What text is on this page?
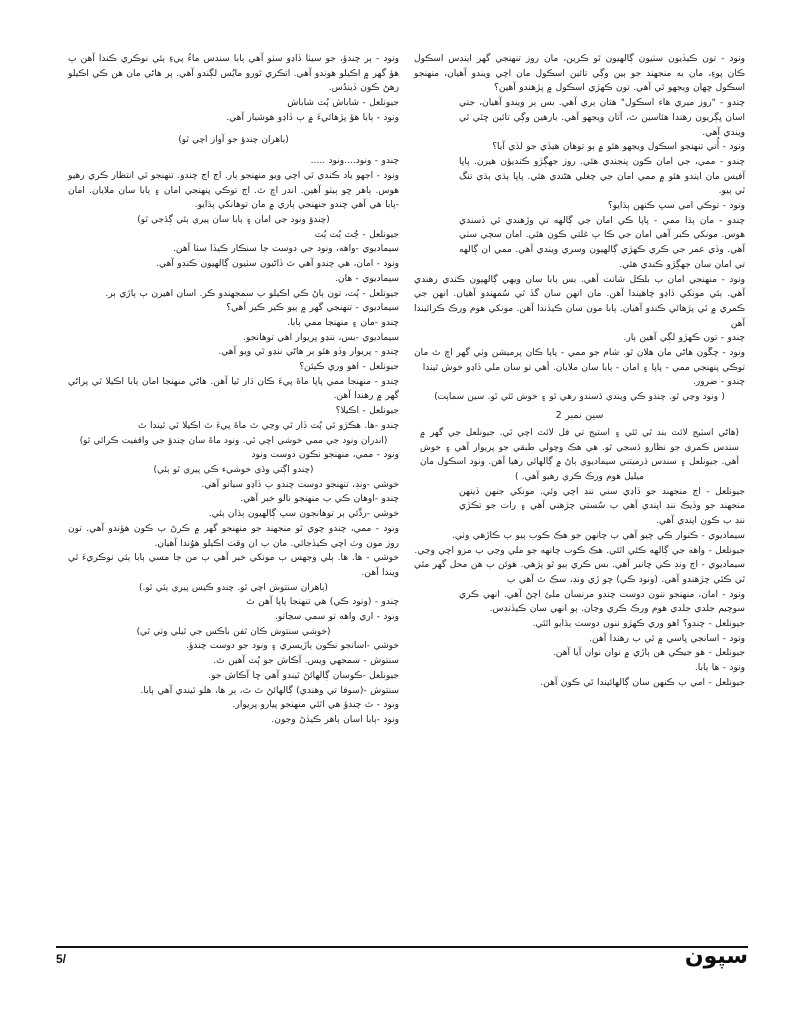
ونود - تون ڪيڏيون سٺيون ڳالهيون ٿو ڪرين، مان روز تنهنجي گهر اينڊس اسڪول ڪان پوءِ، مان به منجهند جو ٻين وڳي تائين اسڪول مان اچي ويندو آهيان، منهنجو اسڪول ڇهان ويجهو ٿي آهي. تون ڪهڙي اسڪول ۾ پڙهندو آهين؟
چندو - "روز ميري هاء اسڪول" هتان ٻري آهي. بس ٻر ويندو آهيان، جتي اسان ڀڳريون رهندا هئاسين ٿ، آتان ويجهو آهي. بارهين وڳي تائين ڇٽي ٿي ويندي آهي.
ونود - أُتي تنهنجو اسڪول ويجهو هئو ۾ ٻو توهان هيڏي جو لڏي آيا؟
چندو - ممي، جي امان ڪون پنجندي هئي. روز جهڳڙو ڪنديؤن هيرن. پاپا آفيس مان ايندو هئو ۾ ممي امان جي چغلي هڻندي هئي. پاپا ٻڌي ٻڌي تنگ ٿي ٻيو.
ونود - توڪي امي سڀ ڪنهن ٻڌايو؟
چندو - مان ٻڌا ممي - پاپا ڪي امان جي ڳالهه تي وڙهندي ٿي ڏسندي هوس. مونکي ڪبر آهي امان جي ڪا ٻ غلتي ڪون هئي. امان سڄي سٺي آهي. وڏي عمر جي ڪري ڪهڙي ڳالهيون وسري ويندي آهي. ممي ان ڳالهه تي امان سان جهڳڙو ڪندي هئي.
ونود - منهنجي امان ٻ بلڪل شانت آهي. بس ٻابا سان ويهي ڳالهيون ڪندي رهندي آهي. ٻئي مونکي ڏاڍو چاهيندا آهن. مان انهن سان گڏ ٿي سُمهندو آهيان. انهن جي ڪمري ۾ ٿي پڙهائي ڪندو آهيان. ٻابا مون سان ڪيڏندا آهن. مونکي هوم ورڪ ڪرائيندا آهن
چندو - تون ڪهڙو لڳي آهين ٻار.
ونود - چڱون هاڻي مان هلان ٿو. شام جو ممي - پاپا ڪان پرميشن وٺي گهر اچ ٿ مان توڪي پنهنجي ممي - پاپا ۽ امان - ٻابا سان ملايان. أهي تو سان ملي ڏاڍو خوش ٿيندا
چندو - ضرور.
( ونود وڃي ٿو. چندو ڪي ويندي ڏسندو رهي ٿو ۽ خوش ٿئي ٿو. سين سماپت)
سين نمبر 2
(هاڻي اسٽيج لائٽ بند ٿي ٿئي ۽ استيج تي فل لائٽ اچي ٿي. جيونلعل جي گهر ۾ سندس ڪمري جو نظارو ڏسجي ٿو. هي هڪ وچولي طبقي جو پريوار آهي ۽ خوش آهي. جيونلعل ۽ سندس ڌرميتني سيماديوي ٻاڻ ۾ ڳالهائي رهيا آهن. ونود اسڪول مان ميليل هوم ورڪ ڪري رهيو آهي. )
جيونلعل - اڄ منجهند جو ڏاڍي سني ننڊ اچي وئي. مونکي جنهن ڏينهن منجهند جو وڏيڪ ننڊ اپندي آهي ٻ سُستي چڙهني آهي ۽ رات جو تڪڙي ننڊ ٻ ڪون اپندي آهي.
سيماديوي - ڪنوار ڪي چيو آهي ٻ چانهن جو هڪ ڪوب ٻيو ٻ ڪاڙهي وٺي.
جيونلعل - واهه جي ڳالهه ڪئي اٿئي. هڪ ڪوب چانهه جو ملي وڃي ٻ مزو اچي وڃي.
سيمادیوي - اڄ ونڊ ڪي چانير آهي. بس ڪري ٻيو ٿو پڙهي. هوئن ٻ هن محل گهر مٿي ٿي ڪٿي چڙهندو آهي. (ونود ڪي) چو ڙي ونڊ، سڪ ٿ آهي ٻ
ونود - امان، منهنجو ننون دوست چندو مرنسان ملئ اچڻ آهي. انهي ڪري سوچيم جلدي جلدي هوم ورڪ ڪري وڃان. ٻو انهي سان ڪيڏنڊس.
جيونلعل - چندو؟ اهو وري ڪهڙو ننون دوست ٻڌايو اٿئي.
ونود - اسانجي ڀاسي ۾ ٿي ٻ رهندا آهن.
جيونلعل - هو جيڪي هن ٻاڙي ۾ نوان نوان آيا آهن.
ونود - ها ٻابا.
جيونلعل - امي ٻ ڪنهن سان ڳالهائيندا ٿي ڪون آهن.
ونود - ٻر چندؤ، جو سيٺا ڏاڍو سٺو آهي ٻابا سندس ماءُ پيءِ ٻئي نوڪري ڪندا آهن ٻ هؤ گهر ۾ اڪيلو هوندو آهي. اتڪري ٿورو مايُس لڳندو آهي. ٻر هاڻي مان هن ڪي اڪيلو رهڻ ڪون ڏيندُس.
جيونلعل - شاباش ٻُٽ شاباش
ونود - ٻابا هؤ پڙهائيءَ ۾ ٻ ڏاڍو هوشيار آهي.
(ٻاهران چندؤ جو آواز اچي ٿو)
چندو - ونود....ونود .....
ونود - اجهو ياد ڪندي ٿي اچي ويو منهنجو ٻار. اڄ اڄ چندو. تنهنجو ٿي انتظار ڪري رهيو هوس. ٻاهر ڇو ٻيٺو آهين. اندر اچ ٿ. اڄ توڪي پنهنجي امان ۽ ٻابا سان ملايان. امان -ٻابا هي آهي چندو جنهنجي ٻاري ۾ مان توهانکي ٻڌايو.
(چندؤ ونود جي امان ۽ ٻابا سان پيري ٻئي ڳڏجي ٿو)
جيونلعل - ڄُٽ ٻُٽ ٻُٽ
سيمادیوي -واهه، ونود جي دوست جا سنڪار ڪيڏا سٺا آهن.
ونود - امان، هي چندو آهي ٿ ڏاڻيون سٺيون ڳالهيون ڪنڊو آهي.
سيمادیوي - هان.
جيونلعل - ٻُٽ، تون ٻاڻ ڪي اڪيلو ٻ سمجهندو ڪر. اسان اهيرن ٻ ٻاڙي ٻر.
سيمادیوي - تنهنجي گهر ۾ ٻيو ڪير ڪير آهي؟
چندو -مان ۽ منهنجا ممي ٻابا.
سيمادیوي -بس، ننڍو پريوار اهي توهانجو.
چندو - پريوار وڏو هئو ٻر هاڻي ننڍو ٿي ويو آهي.
جيونلعل - اهو وري ڪيئن؟
چندو - منهنجا ممي پاپا ماةَ پيءَ ڪان ڌار ٿيا آهن. هاڻي منهنجا امان ٻابا اڪيلا ٿي پراڻي گهر ۾ رهندا آهن.
جيونلعل - اڪيلا؟
چندو -ها. هڪڙو ٿي ٻُٽ ڏار ٿي وڃي ٿ ماةَ پيءَ ٿ اڪيلا ٿي ٿيندا ٿ
(اندران ونود جي ممي خوشي اچي ٿي. ونود ماةَ سان چندؤ جي واقفيت ڪرائي ٿو)
ونود - ممي، منهنجو نڪون دوست ونود
(چندو اڳتي وڏي خوشيء ڪي پيري ٿو ٻئي)
خوشي -ونڊ، تنهنجو دوست چندو ٻ ڏاڍو سيانو آهي.
چندو -اوهان ڪي ٻ منهنجو نالو خبر آهي.
خوشي -ردِّئي ٻر توهانجون سڀ ڳالهيون ٻڌان ٻئي.
ونود - ممي، چندو چوي ٿو منجهند جو منهنجو گهر ۾ ڪرڻ ٻ ڪون هؤندو آهي. تون روز مون وٽ اچي ڪيڏجائي. مان ٻ ان وقت اڪيلو هوُندا آهيان.
خوشي - ها. ها. ٻلي وجهس ٻ مونکي خبر آهي ٻ من جا مسي ٻابا ٻئي نوڪريءَ ٿي ويندا آهن.
(ٻاهران سنتوش اچي ٿو. چندو ڪيس پيري ٻئي ٿو.)
چندو - (ونود ڪي) هي تنهنجا پاپا آهن ٿ
ونود - اري واهه تو سمي سڃاتو.
(خوشي سنتوش ڪان ٿفن باڪس جي ٿيلي وٺي ٿي)
خوشي -اسانجو نڪون ٻاڙيسري ۽ ونود جو دوست چندؤ.
سنتوش - سمجهي ويس. آڪاش جو ٻُٽ آهين ٿ.
جيونلعل -ڪوسان ڳالهائڻ ٿيندو آهي ڇا آڪاش جو.
سنتوش -(سوفا تي وهندي) ڳالهائڻ ٿ ٿ، ٻر ها، هلو ٿيندي آهي ٻابا.
ونود - ٿ چندؤ هي اٿئي منهنجو پيارو پريوار.
ونود -ٻابا اسان ٻاهر ڪيڏڻ وجون.
5/	سپون
